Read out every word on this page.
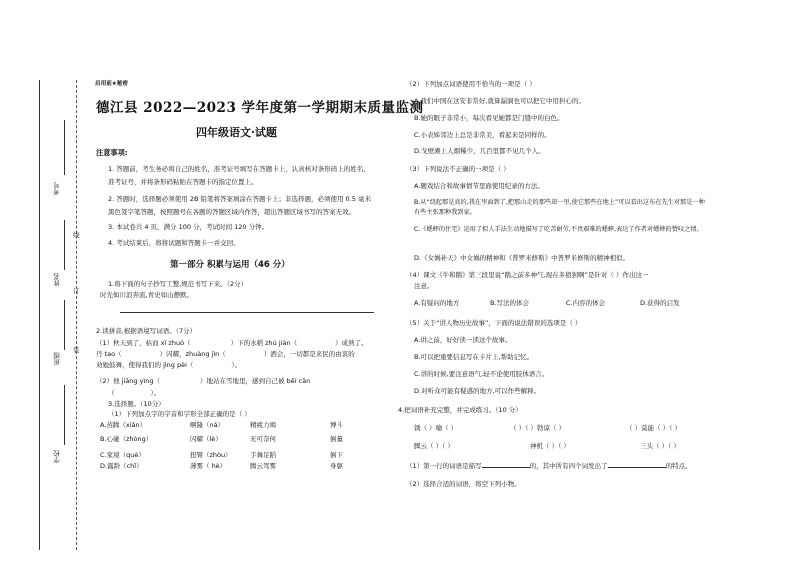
考号
姓名
班级
学校
线
订
装
启用前★秘密
德江县 2022—2023 学年度第一学期期末质量监测
四年级语文·试题
注意事项:
1. 答题前，考生务必将自己的姓名、准考证号填写在答题卡上，认真核对条形码上的姓名、准考证号，并将条形码粘贴在答题卡的指定位置上。
2. 答题时，选择题必须使用 2B 铅笔将答案填涂在答题卡上；非选择题，必须使用 0.5 毫米黑色签字笔答题，按照题号在各题的答题区域内作答，超出答题区域书写的答案无效。
3. 本试卷共 4 页，满分 100 分，考试时间 120 分钟。
4. 考试结束后，将将试题和答题卡一并交回。
第一部分 积累与运用（46 分）
1.将下面的句子抄写工整,规范书写下来。（2分）
时光如川浪奔流,青史如山静默。
2.读拼音,根据语境写词语。（7分）
（1）秋天到了，枯而 xī zhuó（	）下的水稻 zhú jiàn（	）成熟了。
丹 tao（	）闪耀，zhuàng jìn（	）洒会，一切都是来民的由衷的
劝勉鼓舞，使得我们的 jìng pèi（	）。
（2）他 jiāng yìng（	）地站在雪地里，感到自己被 bēi cǎn
（	）。
3.选择题。（10分）
（1）下列加点字的字音和字形全部正确的是（ ）
A.蒸腾（xiān）	啊隆（ná）	精疲力竭	博斗
B.心碰（zhòng）	闪耀（lè）	无可奈何	倒量
C.家境（què）	扭臂（zhòu）	手舞足蹈	倒下
D.露龄（chǐ）	薄雾（ hè）	腾云驾雾	身躯
（2）下列加点词语使用不恰当的一项是（ ）
A.我们中国在这安非常好,就算漏洞也可以把它中用担心的。
B.她的眼子非常小，每次看见她都是门缝中的白色。
C.小表姊邻边上总是非常美，看起来是同样的。
D.戈壁滩上人烟稀少，几百里都不见几个人。
（3）下列说法不正确的一项是（ ）
A.题戏结合和故事情节里面使用纪录的方法。
B.从“绕起那是真的,我在里面到了,把那山走的那些却一里,使它那些在地上”可以看出这布在先生对那是一种
有些主张那种我到家。
C.《蟋蟀的住宅》运用了拟人手法生动地描写了吃苦耐劳,不畏艰难的蟋蟀,表达了作者对蟋蟀的赞叹之情。
D.《女娲补天》中女娲的精神和《普罗米修斯》中普罗米修斯的精神相似。
（4）课文《牛和鹅》第三段里说“鹅之前多神气,现在多狼狈啊”是针对（ ）作出这一
注意。
A.有疑问的地方	B.写法的体会	C.内容的体会	D.获得的启发
（5）关于“讲人物历史故事”，下面的说法错误的选项是（ ）
A.讲之前，好好读一读这个故事。
B.可以把重要信息写在卡片上,帮助记忆。
C.讲的时候,要注意语气,轻不论使用肢体语言。
D.对听众可能有疑惑的地方,可以作些解释。
4.把词语补充完整，并完成练习。（10 分）
锈（ ）喻（ ）	（ ）（ ）勃谅（ ）	（ ）莫能（ ）（ ）
腾云（ ）（ ）	神机（ ）（ ）	三头（ ）（ ）
（1）第一行的词语是描写	的，其中所有四个词发出了	的特点。
（2）选择合适的词语，将空下列小物。
